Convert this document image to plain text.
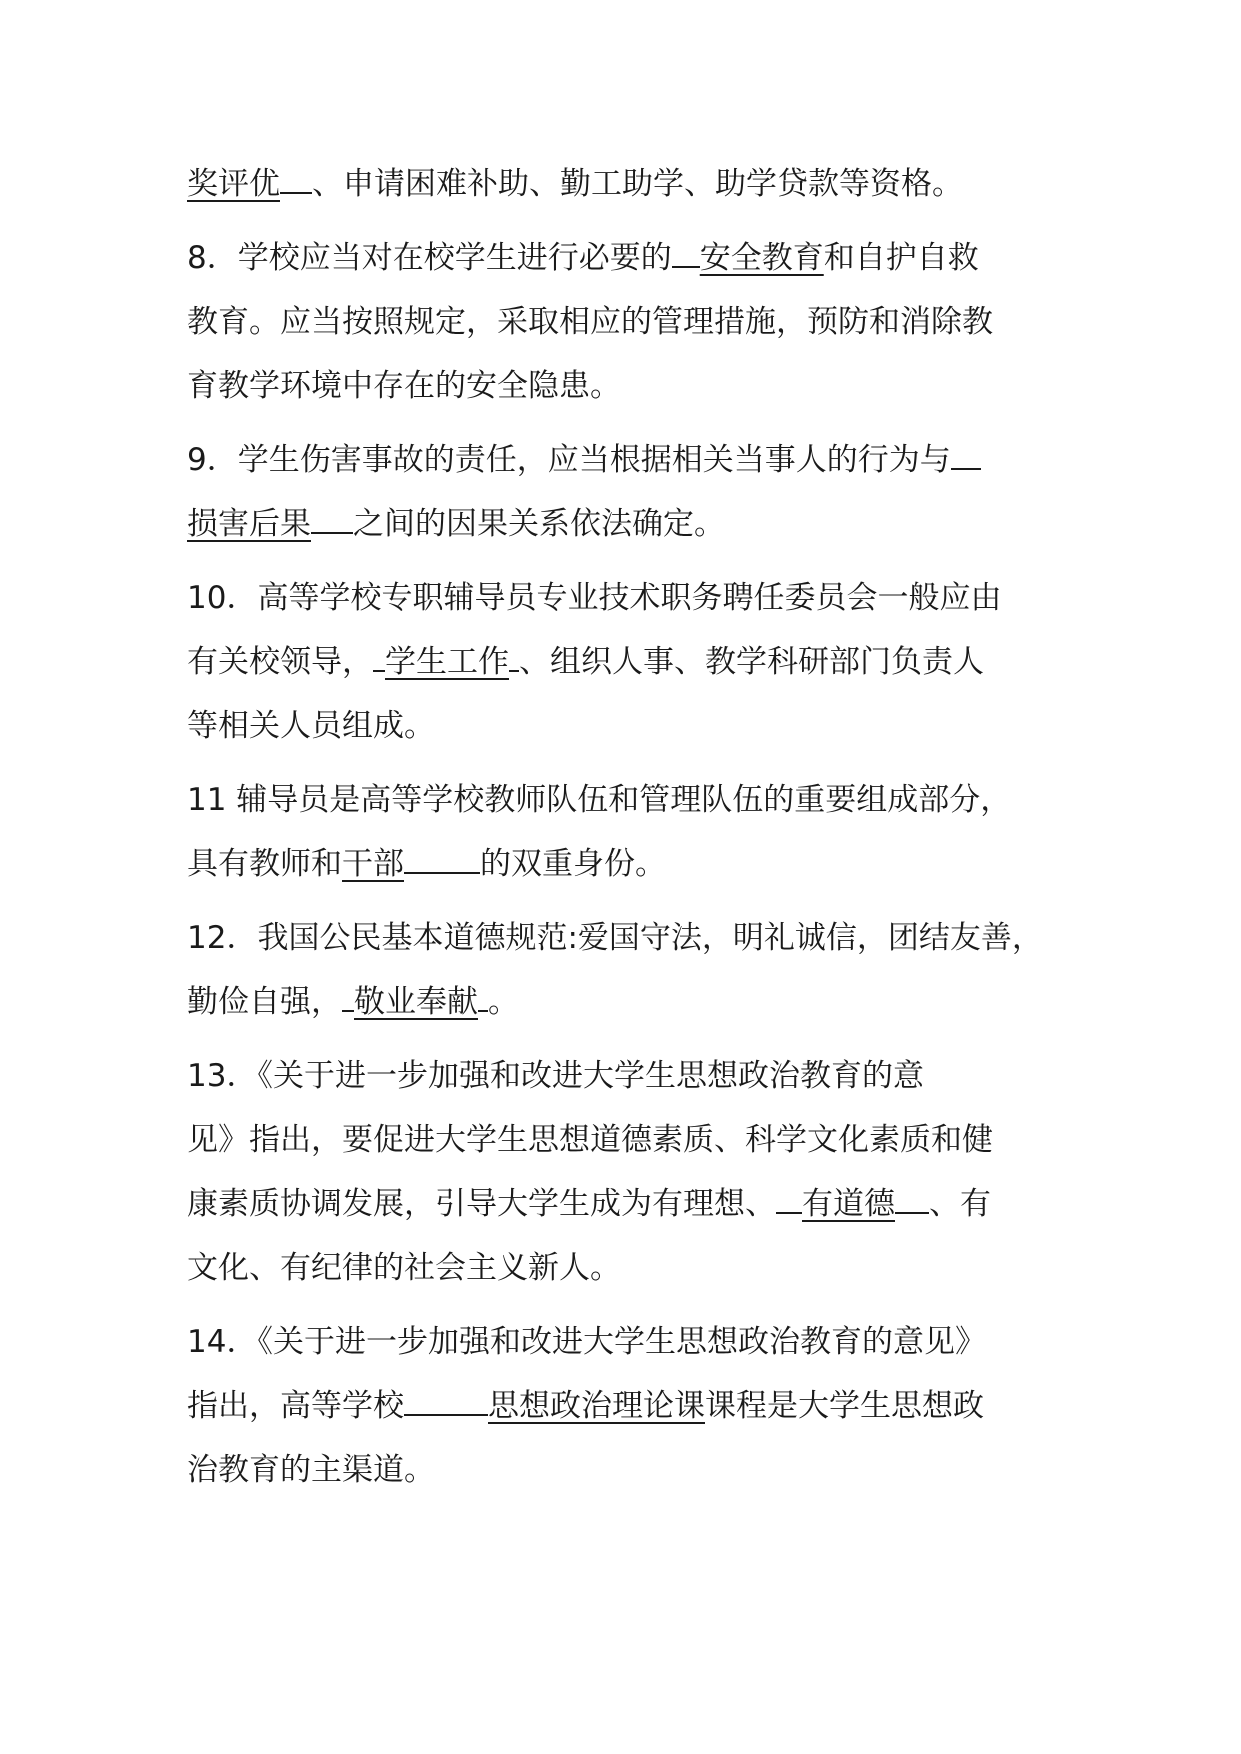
奖评优 、申请困难补助、勤工助学、助学贷款等资格。
8．学校应当对在校学生进行必要的 安全教育和自护自救
教育。应当按照规定，采取相应的管理措施，预防和消除教
育教学环境中存在的安全隐患。
9．学生伤害事故的责任，应当根据相关当事人的行为与
损害后果 之间的因果关系依法确定。
10．高等学校专职辅导员专业技术职务聘任委员会一般应由
有关校领导， 学生工作 、组织人事、教学科研部门负责人
等相关人员组成。
11 辅导员是高等学校教师队伍和管理队伍的重要组成部分，
具有教师和干部 的双重身份。
12．我国公民基本道德规范:爱国守法，明礼诚信，团结友善，
勤俭自强， 敬业奉献 。
13．《关于进一步加强和改进大学生思想政治教育的意
见》指出，要促进大学生思想道德素质、科学文化素质和健
康素质协调发展，引导大学生成为有理想、 有道德 、有
文化、有纪律的社会主义新人。
14．《关于进一步加强和改进大学生思想政治教育的意见》
指出，高等学校	思想政治理论课课程是大学生思想政
治教育的主渠道。
